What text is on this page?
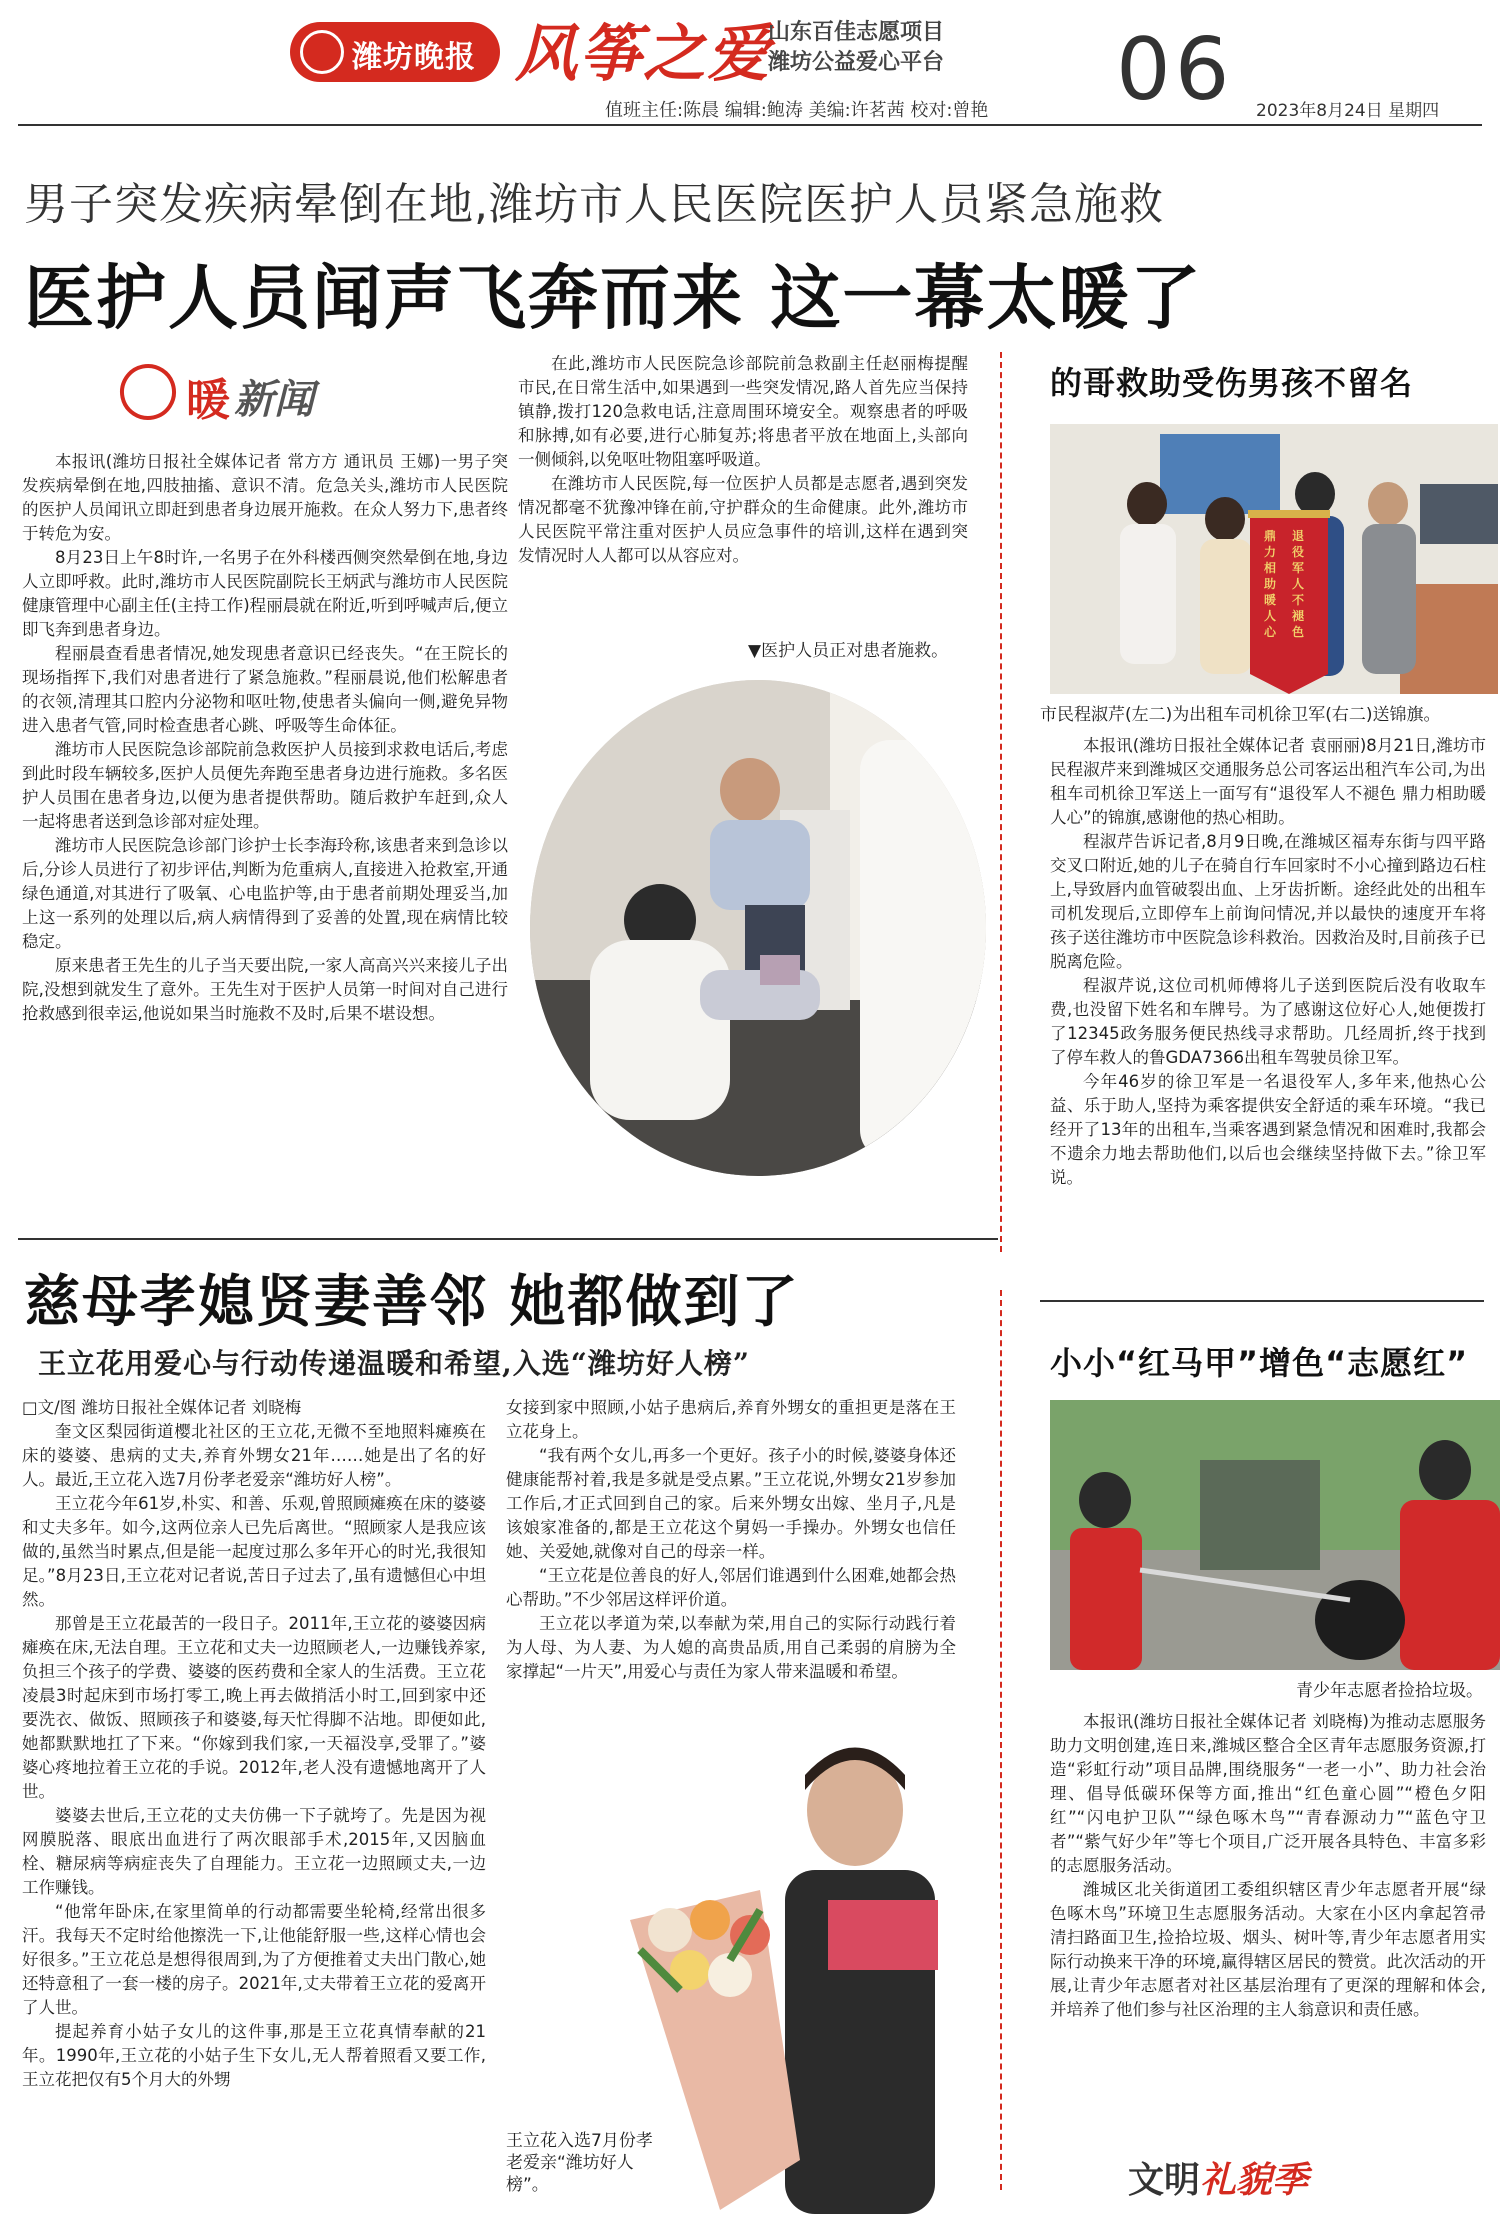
潍坊晚报 风筝之爱
山东百佳志愿项目
潍坊公益爱心平台 06
值班主任:陈晨 编辑:鲍涛 美编:许茗茜 校对:曾艳	2023年8月24日 星期四
男子突发疾病晕倒在地,潍坊市人民医院医护人员紧急施救
医护人员闻声飞奔而来 这一幕太暖了
暖 新闻

本报讯(潍坊日报社全媒体记者 常方方 通讯员 王娜)一男子突发疾病晕倒在地,四肢抽搐、意识不清。危急关头,潍坊市人民医院的医护人员闻讯立即赶到患者身边展开施救。在众人努力下,患者终于转危为安。

8月23日上午8时许,一名男子在外科楼西侧突然晕倒在地,身边人立即呼救。此时,潍坊市人民医院副院长王炳武与潍坊市人民医院健康管理中心副主任(主持工作)程丽晨就在附近,听到呼喊声后,便立即飞奔到患者身边。

程丽晨查看患者情况,她发现患者意识已经丧失。“在王院长的现场指挥下,我们对患者进行了紧急施救。”程丽晨说,他们松解患者的衣领,清理其口腔内分泌物和呕吐物,使患者头偏向一侧,避免异物进入患者气管,同时检查患者心跳、呼吸等生命体征。

潍坊市人民医院急诊部院前急救医护人员接到求救电话后,考虑到此时段车辆较多,医护人员便先奔跑至患者身边进行施救。多名医护人员围在患者身边,以便为患者提供帮助。随后救护车赶到,众人一起将患者送到急诊部对症处理。

潍坊市人民医院急诊部门诊护士长李海玲称,该患者来到急诊以后,分诊人员进行了初步评估,判断为危重病人,直接进入抢救室,开通绿色通道,对其进行了吸氧、心电监护等,由于患者前期处理妥当,加上这一系列的处理以后,病人病情得到了妥善的处置,现在病情比较稳定。

原来患者王先生的儿子当天要出院,一家人高高兴兴来接儿子出院,没想到就发生了意外。王先生对于医护人员第一时间对自己进行抢救感到很幸运,他说如果当时施救不及时,后果不堪设想。

在此,潍坊市人民医院急诊部院前急救副主任赵丽梅提醒市民,在日常生活中,如果遇到一些突发情况,路人首先应当保持镇静,拨打120急救电话,注意周围环境安全。观察患者的呼吸和脉搏,如有必要,进行心肺复苏;将患者平放在地面上,头部向一侧倾斜,以免呕吐物阻塞呼吸道。

在潍坊市人民医院,每一位医护人员都是志愿者,遇到突发情况都毫不犹豫冲锋在前,守护群众的生命健康。此外,潍坊市人民医院平常注重对医护人员应急事件的培训,这样在遇到突发情况时人人都可以从容应对。

▼医护人员正对患者施救。
的哥救助受伤男孩不留名
鼎力相助暖人心
退役军人不褪色
市民程淑芹(左二)为出租车司机徐卫军(右二)送锦旗。

本报讯(潍坊日报社全媒体记者 袁丽丽)8月21日,潍坊市民程淑芹来到潍城区交通服务总公司客运出租汽车公司,为出租车司机徐卫军送上一面写有“退役军人不褪色 鼎力相助暖人心”的锦旗,感谢他的热心相助。

程淑芹告诉记者,8月9日晚,在潍城区福寿东街与四平路交叉口附近,她的儿子在骑自行车回家时不小心撞到路边石柱上,导致唇内血管破裂出血、上牙齿折断。途经此处的出租车司机发现后,立即停车上前询问情况,并以最快的速度开车将孩子送往潍坊市中医院急诊科救治。因救治及时,目前孩子已脱离危险。

程淑芹说,这位司机师傅将儿子送到医院后没有收取车费,也没留下姓名和车牌号。为了感谢这位好心人,她便拨打了12345政务服务便民热线寻求帮助。几经周折,终于找到了停车救人的鲁GDA7366出租车驾驶员徐卫军。

今年46岁的徐卫军是一名退役军人,多年来,他热心公益、乐于助人,坚持为乘客提供安全舒适的乘车环境。“我已经开了13年的出租车,当乘客遇到紧急情况和困难时,我都会不遗余力地去帮助他们,以后也会继续坚持做下去。”徐卫军说。

慈母孝媳贤妻善邻 她都做到了
王立花用爱心与行动传递温暖和希望,入选“潍坊好人榜”

□文/图 潍坊日报社全媒体记者 刘晓梅

奎文区梨园街道樱北社区的王立花,无微不至地照料瘫痪在床的婆婆、患病的丈夫,养育外甥女21年……她是出了名的好人。最近,王立花入选7月份孝老爱亲“潍坊好人榜”。

王立花今年61岁,朴实、和善、乐观,曾照顾瘫痪在床的婆婆和丈夫多年。如今,这两位亲人已先后离世。“照顾家人是我应该做的,虽然当时累点,但是能一起度过那么多年开心的时光,我很知足。”8月23日,王立花对记者说,苦日子过去了,虽有遗憾但心中坦然。

那曾是王立花最苦的一段日子。2011年,王立花的婆婆因病瘫痪在床,无法自理。王立花和丈夫一边照顾老人,一边赚钱养家,负担三个孩子的学费、婆婆的医药费和全家人的生活费。王立花凌晨3时起床到市场打零工,晚上再去做捎活小时工,回到家中还要洗衣、做饭、照顾孩子和婆婆,每天忙得脚不沾地。即便如此,她都默默地扛了下来。“你嫁到我们家,一天福没享,受罪了。”婆婆心疼地拉着王立花的手说。2012年,老人没有遗憾地离开了人世。

婆婆去世后,王立花的丈夫仿佛一下子就垮了。先是因为视网膜脱落、眼底出血进行了两次眼部手术,2015年,又因脑血栓、糖尿病等病症丧失了自理能力。王立花一边照顾丈夫,一边工作赚钱。

“他常年卧床,在家里简单的行动都需要坐轮椅,经常出很多汗。我每天不定时给他擦洗一下,让他能舒服一些,这样心情也会好很多。”王立花总是想得很周到,为了方便推着丈夫出门散心,她还特意租了一套一楼的房子。2021年,丈夫带着王立花的爱离开了人世。

提起养育小姑子女儿的这件事,那是王立花真情奉献的21年。1990年,王立花的小姑子生下女儿,无人帮着照看又要工作,王立花把仅有5个月大的外甥

女接到家中照顾,小姑子患病后,养育外甥女的重担更是落在王立花身上。

“我有两个女儿,再多一个更好。孩子小的时候,婆婆身体还健康能帮衬着,我是多就是受点累。”王立花说,外甥女21岁参加工作后,才正式回到自己的家。后来外甥女出嫁、坐月子,凡是该娘家准备的,都是王立花这个舅妈一手操办。外甥女也信任她、关爱她,就像对自己的母亲一样。

“王立花是位善良的好人,邻居们谁遇到什么困难,她都会热心帮助。”不少邻居这样评价道。

王立花以孝道为荣,以奉献为荣,用自己的实际行动践行着为人母、为人妻、为人媳的高贵品质,用自己柔弱的肩膀为全家撑起“一片天”,用爱心与责任为家人带来温暖和希望。

王立花入选7月份孝老爱亲“潍坊好人榜”。
小小“红马甲”增色“志愿红”
青少年志愿者捡拾垃圾。

本报讯(潍坊日报社全媒体记者 刘晓梅)为推动志愿服务助力文明创建,连日来,潍城区整合全区青年志愿服务资源,打造“彩虹行动”项目品牌,围绕服务“一老一小”、助力社会治理、倡导低碳环保等方面,推出“红色童心圆”“橙色夕阳红”“闪电护卫队”“绿色啄木鸟”“青春源动力”“蓝色守卫者”“紫气好少年”等七个项目,广泛开展各具特色、丰富多彩的志愿服务活动。

潍城区北关街道团工委组织辖区青少年志愿者开展“绿色啄木鸟”环境卫生志愿服务活动。大家在小区内拿起笤帚清扫路面卫生,捡拾垃圾、烟头、树叶等,青少年志愿者用实际行动换来干净的环境,赢得辖区居民的赞赏。此次活动的开展,让青少年志愿者对社区基层治理有了更深的理解和体会,并培养了他们参与社区治理的主人翁意识和责任感。

文明礼貌季
